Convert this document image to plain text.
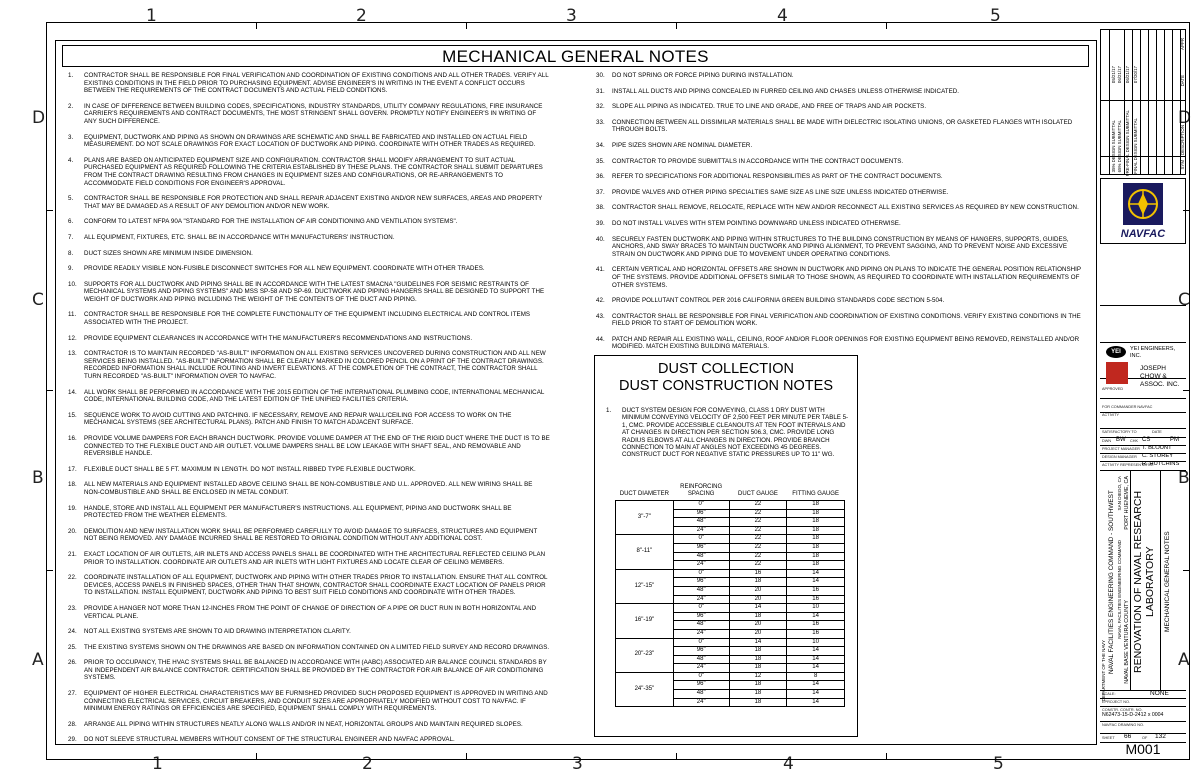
1	2	3	4	5
1	2	3	4	5
D
C
B
A
D
C
B
A
MECHANICAL GENERAL NOTES
1.	CONTRACTOR SHALL BE RESPONSIBLE FOR FINAL VERIFICATION AND COORDINATION OF EXISTING CONDITIONS AND ALL OTHER TRADES. VERIFY ALL EXISTING CONDITIONS IN THE FIELD PRIOR TO PURCHASING EQUIPMENT. ADVISE ENGINEER'S IN WRITING IN THE EVENT A CONFLICT OCCURS BETWEEN THE REQUIREMENTS OF THE CONTRACT DOCUMENTS AND ACTUAL FIELD CONDITIONS.
2.	IN CASE OF DIFFERENCE BETWEEN BUILDING CODES, SPECIFICATIONS, INDUSTRY STANDARDS, UTILITY COMPANY REGULATIONS, FIRE INSURANCE CARRIER'S REQUIREMENTS AND CONTRACT DOCUMENTS, THE MOST STRINGENT SHALL GOVERN. PROMPTLY NOTIFY ENGINEER'S IN WRITING OF ANY SUCH DIFFERENCE.
3.	EQUIPMENT, DUCTWORK AND PIPING AS SHOWN ON DRAWINGS ARE SCHEMATIC AND SHALL BE FABRICATED AND INSTALLED ON ACTUAL FIELD MEASUREMENT. DO NOT SCALE DRAWINGS FOR EXACT LOCATION OF DUCTWORK AND PIPING. COORDINATE WITH OTHER TRADES AS REQUIRED.
4.	PLANS ARE BASED ON ANTICIPATED EQUIPMENT SIZE AND CONFIGURATION. CONTRACTOR SHALL MODIFY ARRANGEMENT TO SUIT ACTUAL PURCHASED EQUIPMENT AS REQUIRED FOLLOWING THE CRITERIA ESTABLISHED BY THESE PLANS. THE CONTRACTOR SHALL SUBMIT DEPARTURES FROM THE CONTRACT DRAWING RESULTING FROM CHANGES IN EQUIPMENT SIZES AND CONFIGURATIONS, OR RE-ARRANGEMENTS TO ACCOMMODATE FIELD CONDITIONS FOR ENGINEER'S APPROVAL.
5.	CONTRACTOR SHALL BE RESPONSIBLE FOR PROTECTION AND SHALL REPAIR ADJACENT EXISTING AND/OR NEW SURFACES, AREAS AND PROPERTY THAT MAY BE DAMAGED AS A RESULT OF ANY DEMOLITION AND/OR NEW WORK.
6.	CONFORM TO LATEST NFPA 90A "STANDARD FOR THE INSTALLATION OF AIR CONDITIONING AND VENTILATION SYSTEMS".
7.	ALL EQUIPMENT, FIXTURES, ETC. SHALL BE IN ACCORDANCE WITH MANUFACTURERS' INSTRUCTION.
8.	DUCT SIZES SHOWN ARE MINIMUM INSIDE DIMENSION.
9.	PROVIDE READILY VISIBLE NON-FUSIBLE DISCONNECT SWITCHES FOR ALL NEW EQUIPMENT. COORDINATE WITH OTHER TRADES.
10.	SUPPORTS FOR ALL DUCTWORK AND PIPING SHALL BE IN ACCORDANCE WITH THE LATEST SMACNA "GUIDELINES FOR SEISMIC RESTRAINTS OF MECHANICAL SYSTEMS AND PIPING SYSTEMS" AND MSS SP-58 AND SP-69. DUCTWORK AND PIPING HANGERS SHALL BE DESIGNED TO SUPPORT THE WEIGHT OF DUCTWORK AND PIPING INCLUDING THE WEIGHT OF THE CONTENTS OF THE DUCT AND PIPING.
11.	CONTRACTOR SHALL BE RESPONSIBLE FOR THE COMPLETE FUNCTIONALITY OF THE EQUIPMENT INCLUDING ELECTRICAL AND CONTROL ITEMS ASSOCIATED WITH THE PROJECT.
12.	PROVIDE EQUIPMENT CLEARANCES IN ACCORDANCE WITH THE MANUFACTURER'S RECOMMENDATIONS AND INSTRUCTIONS.
13.	CONTRACTOR IS TO MAINTAIN RECORDED "AS-BUILT" INFORMATION ON ALL EXISTING SERVICES UNCOVERED DURING CONSTRUCTION AND ALL NEW SERVICES BEING INSTALLED. "AS-BUILT" INFORMATION SHALL BE CLEARLY MARKED IN COLORED PENCIL ON A PRINT OF THE CONTRACT DRAWINGS. RECORDED INFORMATION SHALL INCLUDE ROUTING AND INVERT ELEVATIONS. AT THE COMPLETION OF THE CONTRACT, THE CONTRACTOR SHALL TURN RECORDED "AS-BUILT" INFORMATION OVER TO NAVFAC.
14.	ALL WORK SHALL BE PERFORMED IN ACCORDANCE WITH THE 2015 EDITION OF THE INTERNATIONAL PLUMBING CODE, INTERNATIONAL MECHANICAL CODE, INTERNATIONAL BUILDING CODE, AND THE LATEST EDITION OF THE UNIFIED FACILITIES CRITERIA.
15.	SEQUENCE WORK TO AVOID CUTTING AND PATCHING. IF NECESSARY, REMOVE AND REPAIR WALL/CEILING FOR ACCESS TO WORK ON THE MECHANICAL SYSTEMS (SEE ARCHITECTURAL PLANS). PATCH AND FINISH TO MATCH ADJACENT SURFACE.
16.	PROVIDE VOLUME DAMPERS FOR EACH BRANCH DUCTWORK. PROVIDE VOLUME DAMPER AT THE END OF THE RIGID DUCT WHERE THE DUCT IS TO BE CONNECTED TO THE FLEXIBLE DUCT AND AIR OUTLET. VOLUME DAMPERS SHALL BE LOW LEAKAGE WITH SHAFT SEAL, AND REMOVABLE AND REVERSIBLE HANDLE.
17.	FLEXIBLE DUCT SHALL BE 5 FT. MAXIMUM IN LENGTH. DO NOT INSTALL RIBBED TYPE FLEXIBLE DUCTWORK.
18.	ALL NEW MATERIALS AND EQUIPMENT INSTALLED ABOVE CEILING SHALL BE NON-COMBUSTIBLE AND U.L. APPROVED. ALL NEW WIRING SHALL BE NON-COMBUSTIBLE AND SHALL BE ENCLOSED IN METAL CONDUIT.
19.	HANDLE, STORE AND INSTALL ALL EQUIPMENT PER MANUFACTURER'S INSTRUCTIONS. ALL EQUIPMENT, PIPING AND DUCTWORK SHALL BE PROTECTED FROM THE WEATHER ELEMENTS.
20.	DEMOLITION AND NEW INSTALLATION WORK SHALL BE PERFORMED CAREFULLY TO AVOID DAMAGE TO SURFACES, STRUCTURES AND EQUIPMENT NOT BEING REMOVED. ANY DAMAGE INCURRED SHALL BE RESTORED TO ORIGINAL CONDITION WITHOUT ANY ADDITIONAL COST.
21.	EXACT LOCATION OF AIR OUTLETS, AIR INLETS AND ACCESS PANELS SHALL BE COORDINATED WITH THE ARCHITECTURAL REFLECTED CEILING PLAN PRIOR TO INSTALLATION. COORDINATE AIR OUTLETS AND AIR INLETS WITH LIGHT FIXTURES AND LOCATE CLEAR OF CEILING MEMBERS.
22.	COORDINATE INSTALLATION OF ALL EQUIPMENT, DUCTWORK AND PIPING WITH OTHER TRADES PRIOR TO INSTALLATION. ENSURE THAT ALL CONTROL DEVICES, ACCESS PANELS IN FINISHED SPACES, OTHER THAN THAT SHOWN, CONTRACTOR SHALL COORDINATE EXACT LOCATION OF PANELS PRIOR TO INSTALLATION. INSTALL EQUIPMENT, DUCTWORK AND PIPING TO BEST SUIT FIELD CONDITIONS AND COORDINATE WITH OTHER TRADES.
23.	PROVIDE A HANGER NOT MORE THAN 12-INCHES FROM THE POINT OF CHANGE OF DIRECTION OF A PIPE OR DUCT RUN IN BOTH HORIZONTAL AND VERTICAL PLANE.
24.	NOT ALL EXISTING SYSTEMS ARE SHOWN TO AID DRAWING INTERPRETATION CLARITY.
25.	THE EXISTING SYSTEMS SHOWN ON THE DRAWINGS ARE BASED ON INFORMATION CONTAINED ON A LIMITED FIELD SURVEY AND RECORD DRAWINGS.
26.	PRIOR TO OCCUPANCY, THE HVAC SYSTEMS SHALL BE BALANCED IN ACCORDANCE WITH (AABC) ASSOCIATED AIR BALANCE COUNCIL STANDARDS BY AN INDEPENDENT AIR BALANCE CONTRACTOR. CERTIFICATION SHALL BE PROVIDED BY THE CONTRACTOR FOR AIR BALANCE OF AIR CONDITIONING SYSTEMS.
27.	EQUIPMENT OF HIGHER ELECTRICAL CHARACTERISTICS MAY BE FURNISHED PROVIDED SUCH PROPOSED EQUIPMENT IS APPROVED IN WRITING AND CONNECTING ELECTRICAL SERVICES, CIRCUIT BREAKERS, AND CONDUIT SIZES ARE APPROPRIATELY MODIFIED WITHOUT COST TO NAVFAC. IF MINIMUM ENERGY RATINGS OR EFFICIENCIES ARE SPECIFIED, EQUIPMENT SHALL COMPLY WITH REQUIREMENTS.
28.	ARRANGE ALL PIPING WITHIN STRUCTURES NEATLY ALONG WALLS AND/OR IN NEAT, HORIZONTAL GROUPS AND MAINTAIN REQUIRED SLOPES.
29.	DO NOT SLEEVE STRUCTURAL MEMBERS WITHOUT CONSENT OF THE STRUCTURAL ENGINEER AND NAVFAC APPROVAL.
30.	DO NOT SPRING OR FORCE PIPING DURING INSTALLATION.
31.	INSTALL ALL DUCTS AND PIPING CONCEALED IN FURRED CEILING AND CHASES UNLESS OTHERWISE INDICATED.
32.	SLOPE ALL PIPING AS INDICATED. TRUE TO LINE AND GRADE, AND FREE OF TRAPS AND AIR POCKETS.
33.	CONNECTION BETWEEN ALL DISSIMILAR MATERIALS SHALL BE MADE WITH DIELECTRIC ISOLATING UNIONS, OR GASKETED FLANGES WITH ISOLATED THROUGH BOLTS.
34.	PIPE SIZES SHOWN ARE NOMINAL DIAMETER.
35.	CONTRACTOR TO PROVIDE SUBMITTALS IN ACCORDANCE WITH THE CONTRACT DOCUMENTS.
36.	REFER TO SPECIFICATIONS FOR ADDITIONAL RESPONSIBILITIES AS PART OF THE CONTRACT DOCUMENTS.
37.	PROVIDE VALVES AND OTHER PIPING SPECIALTIES SAME SIZE AS LINE SIZE UNLESS INDICATED OTHERWISE.
38.	CONTRACTOR SHALL REMOVE, RELOCATE, REPLACE WITH NEW AND/OR RECONNECT ALL EXISTING SERVICES AS REQUIRED BY NEW CONSTRUCTION.
39.	DO NOT INSTALL VALVES WITH STEM POINTING DOWNWARD UNLESS INDICATED OTHERWISE.
40.	SECURELY FASTEN DUCTWORK AND PIPING WITHIN STRUCTURES TO THE BUILDING CONSTRUCTION BY MEANS OF HANGERS, SUPPORTS, GUIDES, ANCHORS, AND SWAY BRACES TO MAINTAIN DUCTWORK AND PIPING ALIGNMENT, TO PREVENT SAGGING, AND TO PREVENT NOISE AND EXCESSIVE STRAIN ON DUCTWORK AND PIPING DUE TO MOVEMENT UNDER OPERATING CONDITIONS.
41.	CERTAIN VERTICAL AND HORIZONTAL OFFSETS ARE SHOWN IN DUCTWORK AND PIPING ON PLANS TO INDICATE THE GENERAL POSITION RELATIONSHIP OF THE SYSTEMS. PROVIDE ADDITIONAL OFFSETS SIMILAR TO THOSE SHOWN, AS REQUIRED TO COORDINATE WITH INSTALLATION REQUIREMENTS OF OTHER SYSTEMS.
42.	PROVIDE POLLUTANT CONTROL PER 2016 CALIFORNIA GREEN BUILDING STANDARDS CODE SECTION 5-504.
43.	CONTRACTOR SHALL BE RESPONSIBLE FOR FINAL VERIFICATION AND COORDINATION OF EXISTING CONDITIONS. VERIFY EXISTING CONDITIONS IN THE FIELD PRIOR TO START OF DEMOLITION WORK.
44.	PATCH AND REPAIR ALL EXISTING WALL, CEILING, ROOF AND/OR FLOOR OPENINGS FOR EXISTING EQUIPMENT BEING REMOVED, REINSTALLED AND/OR MODIFIED. MATCH EXISTING BUILDING MATERIALS.
DUST COLLECTION
DUST CONSTRUCTION NOTES
1. DUCT SYSTEM DESIGN FOR CONVEYING, CLASS 1 DRY DUST WITH MINIMUM CONVEYING VELOCITY OF 2,500 FEET PER MINUTE PER TABLE 5-1, CMC. PROVIDE ACCESSIBLE CLEANOUTS AT TEN FOOT INTERVALS AND AT CHANGES IN DIRECTION PER SECTION 506.3, CMC. PROVIDE LONG RADIUS ELBOWS AT ALL CHANGES IN DIRECTION. PROVIDE BRANCH CONNECTION TO MAIN AT ANGLES NOT EXCEEDING 45 DEGREES. CONSTRUCT DUCT FOR NEGATIVE STATIC PRESSURES UP TO 11" WG.
DUCT DIAMETER	REINFORCING SPACING	DUCT GAUGE	FITTING GAUGE
3"-7"	0"	22	18
	96"	22	18
	48"	22	18
	24"	22	18
8"-11"	0"	22	18
	96"	22	18
	48"	22	18
	24"	22	18
12"-15"	0"	16	14
	96"	18	14
	48"	20	16
	24"	20	16
16"-19"	0"	14	10
	96"	18	14
	48"	20	16
	24"	20	16
20"-23"	0"	14	10
	96"	18	14
	48"	18	14
	24"	18	14
24"-35"	0"	12	8
	96"	18	14
	48"	18	14
	24"	18	14
35% DESIGN SUBMITTAL 65% DESIGN SUBMITTAL PRE-FINAL DESIGN SUBMITTAL FINAL DESIGN SUBMITTAL
05/21/17 06/21/17 06/21/17 07/20/17
SYM
DESCRIPTION
DATE
APPR
NAVFAC
YEI	YEI ENGINEERS, INC.
JOSEPH CHOW & ASSOC. INC.
APPROVED
FOR COMMANDER NAVFAC
ACTIVITY
SATISFACTORY TO	DATE
DWN BW CHK CS	PM
PROJECT MANAGER T. BLOUNT
DESIGN MANAGER C. STOREY
ACTIVITY REPRESENTATIVE
R. HUTCHINS
DEPARTMENT OF THE NAVY NAVAL FACILITIES ENGINEERING COMMAND - SOUTHWEST NAVAL FACILITIES ENGINEERING COMMAND
SAN DIEGO, CA
NAVAL BASE VENTURA COUNTY
PORT HUENEME, CA RENOVATION OF NAVAL RESEARCH LABORATORY MECHANICAL GENERAL NOTES
SCALE:	NONE
EPROJECT NO.
CONSTR. CONTR. NO.
N62473-15-D-2412 x 0004
NAVFAC DRAWING NO.
SHEET 66	OF 132
M001
